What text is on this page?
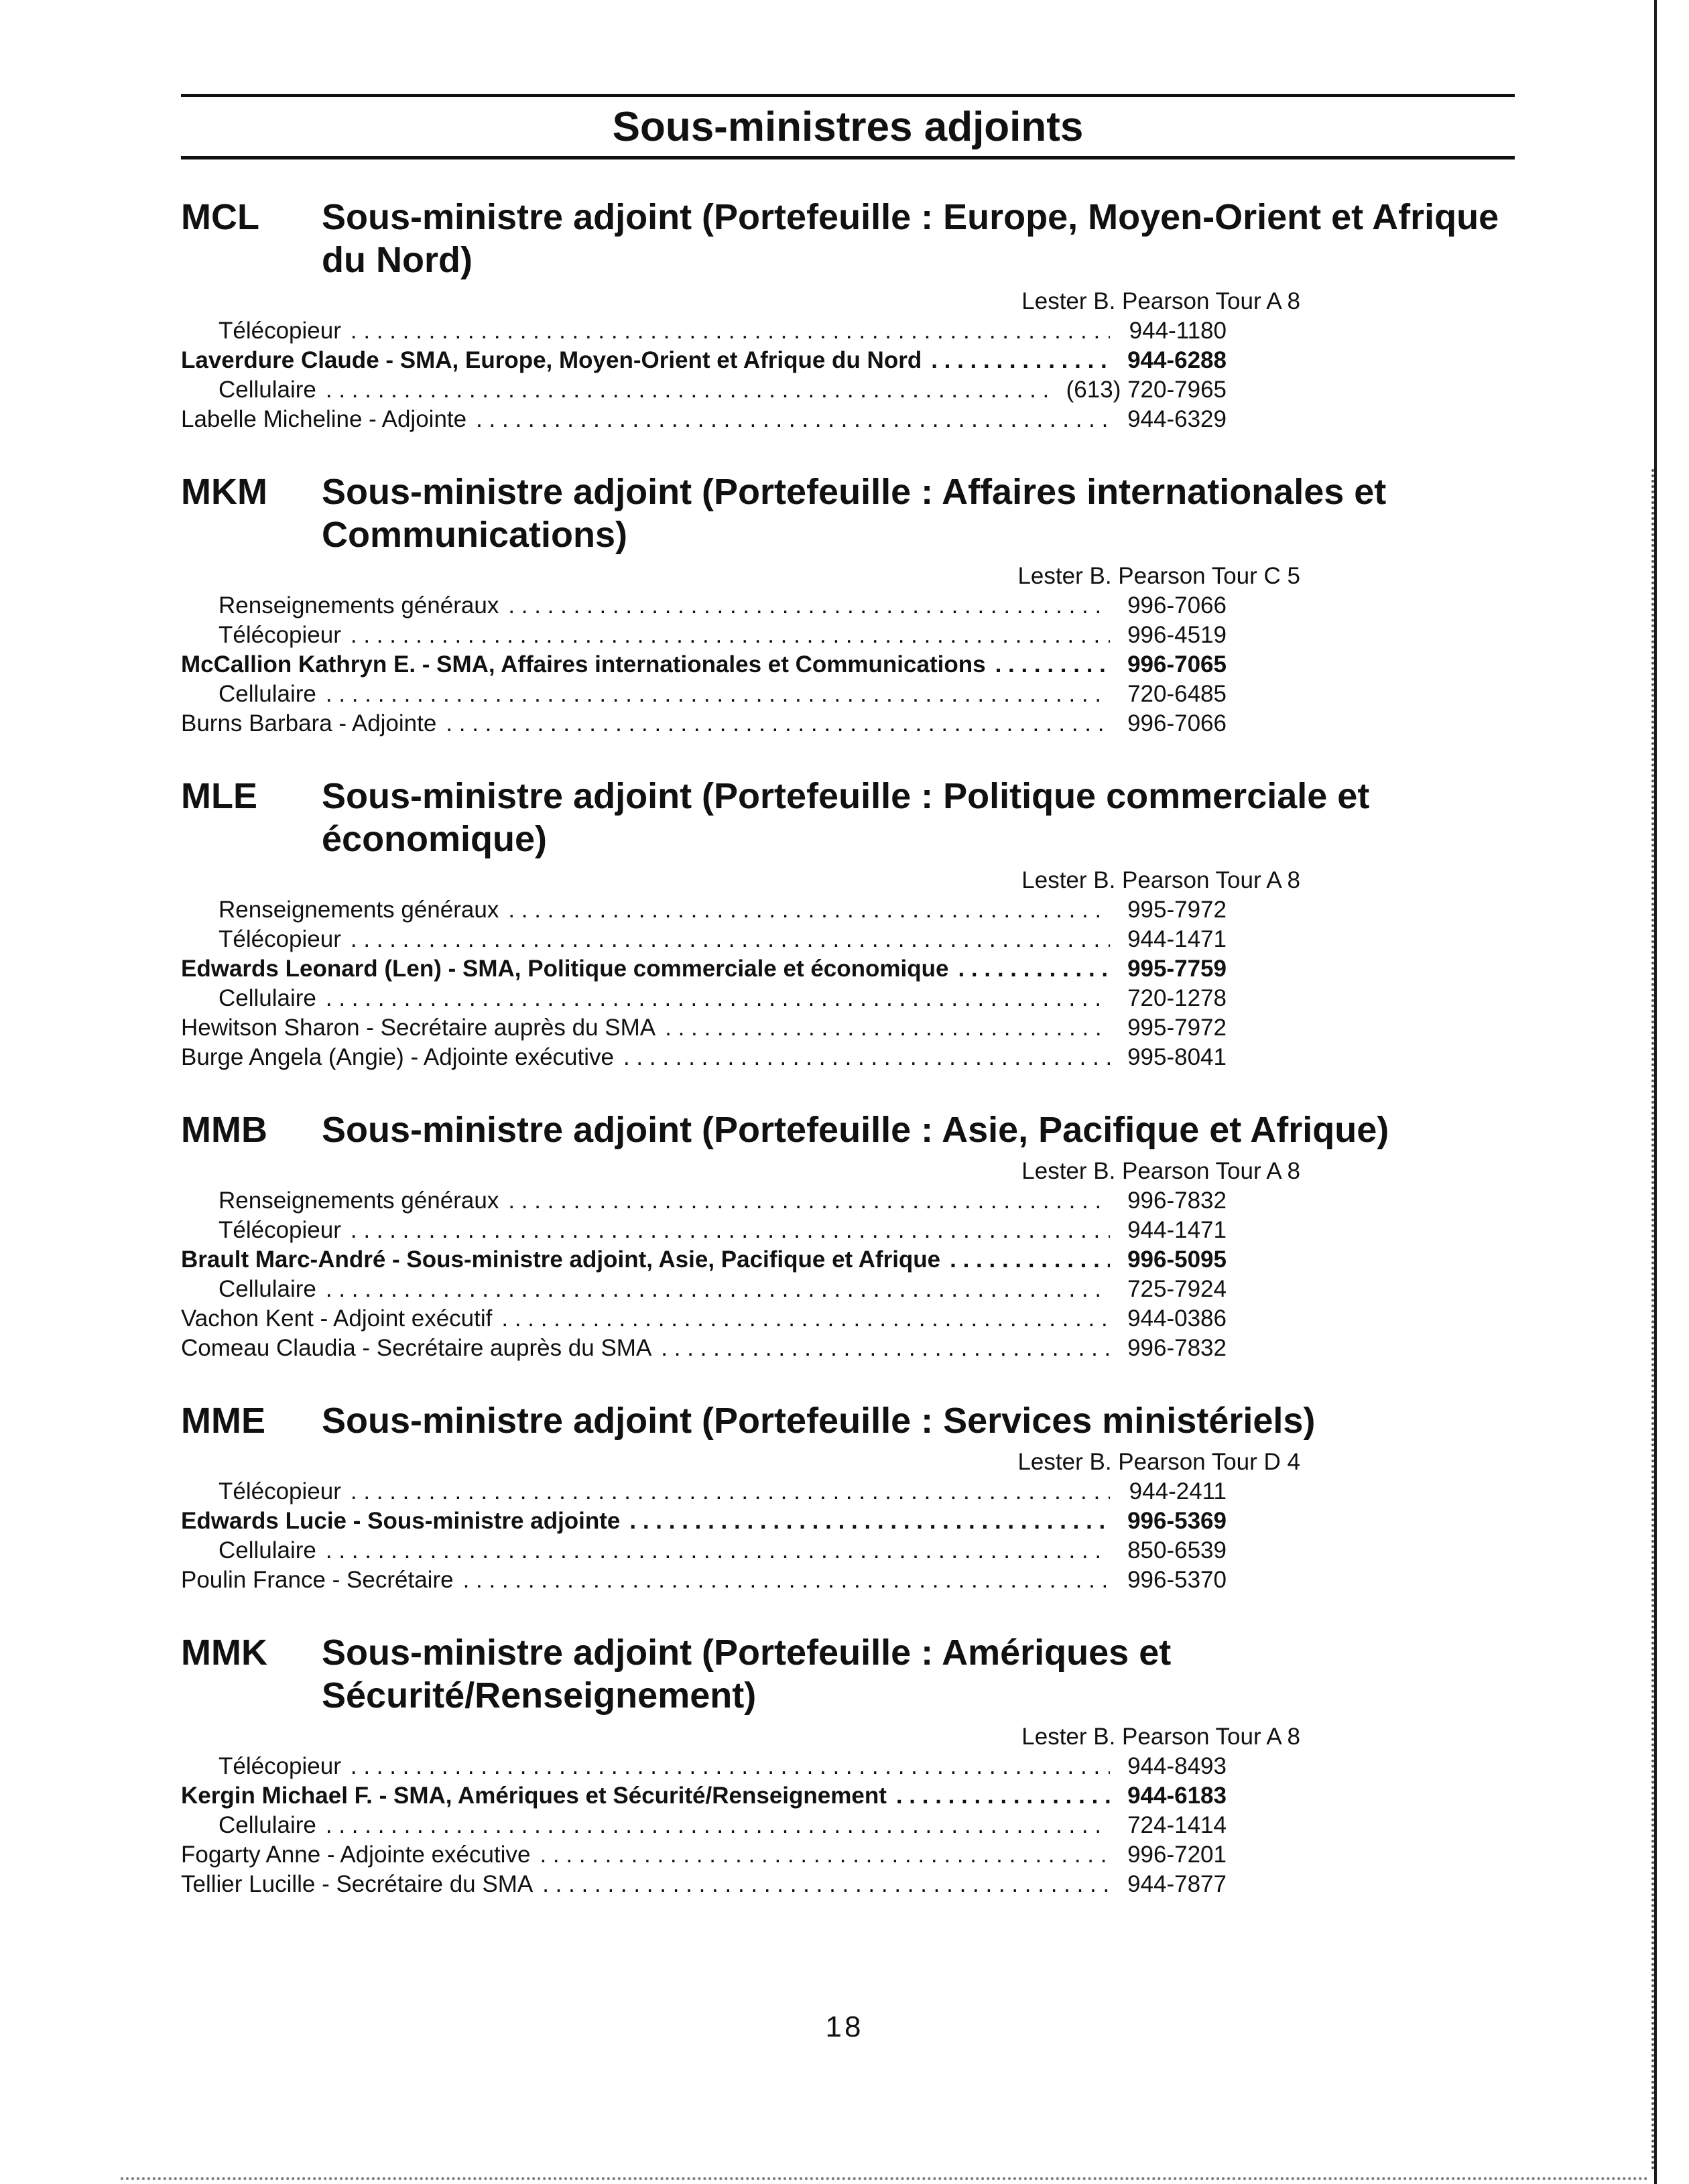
Sous-ministres adjoints
MCL	Sous-ministre adjoint (Portefeuille : Europe, Moyen-Orient et Afrique du Nord)
Lester B. Pearson Tour A 8
Télécopieur . . .	944-1180
Laverdure Claude - SMA, Europe, Moyen-Orient et Afrique du Nord . . .	944-6288
Cellulaire . . .	(613) 720-7965
Labelle Micheline - Adjointe . . .	944-6329
MKM	Sous-ministre adjoint (Portefeuille : Affaires internationales et Communications)
Lester B. Pearson Tour C 5
Renseignements généraux . . .	996-7066
Télécopieur . . .	996-4519
McCallion Kathryn E. - SMA, Affaires internationales et Communications . . .	996-7065
Cellulaire . . .	720-6485
Burns Barbara - Adjointe . . .	996-7066
MLE	Sous-ministre adjoint (Portefeuille : Politique commerciale et économique)
Lester B. Pearson Tour A 8
Renseignements généraux . . .	995-7972
Télécopieur . . .	944-1471
Edwards Leonard (Len) - SMA, Politique commerciale et économique . . .	995-7759
Cellulaire . . .	720-1278
Hewitson Sharon - Secrétaire auprès du SMA . . .	995-7972
Burge Angela (Angie) - Adjointe exécutive . . .	995-8041
MMB	Sous-ministre adjoint (Portefeuille : Asie, Pacifique et Afrique)
Lester B. Pearson Tour A 8
Renseignements généraux . . .	996-7832
Télécopieur . . .	944-1471
Brault Marc-André - Sous-ministre adjoint, Asie, Pacifique et Afrique . . .	996-5095
Cellulaire . . .	725-7924
Vachon Kent - Adjoint exécutif . . .	944-0386
Comeau Claudia - Secrétaire auprès du SMA . . .	996-7832
MME	Sous-ministre adjoint (Portefeuille : Services ministériels)
Lester B. Pearson Tour D 4
Télécopieur . . .	944-2411
Edwards Lucie - Sous-ministre adjointe . . .	996-5369
Cellulaire . . .	850-6539
Poulin France - Secrétaire . . .	996-5370
MMK	Sous-ministre adjoint (Portefeuille : Amériques et Sécurité/Renseignement)
Lester B. Pearson Tour A 8
Télécopieur . . .	944-8493
Kergin Michael F. - SMA, Amériques et Sécurité/Renseignement . . .	944-6183
Cellulaire . . .	724-1414
Fogarty Anne - Adjointe exécutive . . .	996-7201
Tellier Lucille - Secrétaire du SMA . . .	944-7877
18
